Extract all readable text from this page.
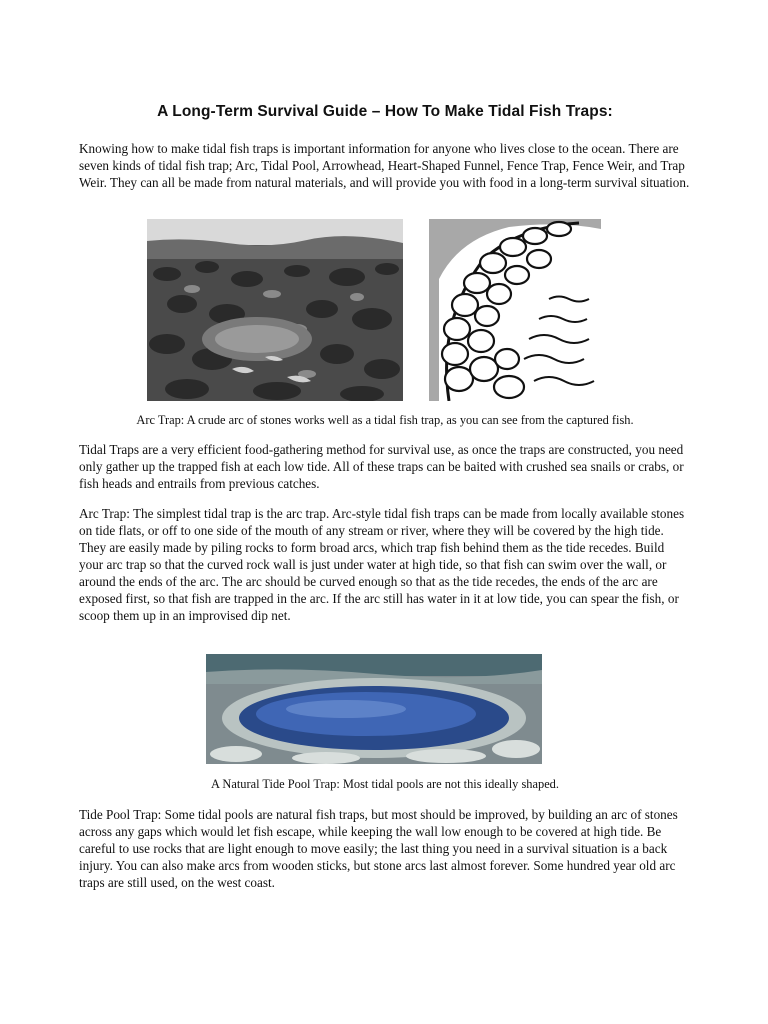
A Long-Term Survival Guide – How To Make Tidal Fish Traps:

Knowing how to make tidal fish traps is important information for anyone who lives close to the ocean. There are seven kinds of tidal fish trap; Arc, Tidal Pool, Arrowhead, Heart-Shaped Funnel, Fence Trap, Fence Weir, and Trap Weir. They can all be made from natural materials, and will provide you with food in a long-term survival situation.

Arc Trap: A crude arc of stones works well as a tidal fish trap, as you can see from the captured fish.

Tidal Traps are a very efficient food-gathering method for survival use, as once the traps are constructed, you need only gather up the trapped fish at each low tide. All of these traps can be baited with crushed sea snails or crabs, or fish heads and entrails from previous catches.

Arc Trap: The simplest tidal trap is the arc trap. Arc-style tidal fish traps can be made from locally available stones on tide flats, or off to one side of the mouth of any stream or river, where they will be covered by the high tide. They are easily made by piling rocks to form broad arcs, which trap fish behind them as the tide recedes. Build your arc trap so that the curved rock wall is just under water at high tide, so that fish can swim over the wall, or around the ends of the arc. The arc should be curved enough so that as the tide recedes, the ends of the arc are exposed first, so that fish are trapped in the arc. If the arc still has water in it at low tide, you can spear the fish, or scoop them up in an improvised dip net.

A Natural Tide Pool Trap: Most tidal pools are not this ideally shaped.

Tide Pool Trap: Some tidal pools are natural fish traps, but most should be improved, by building an arc of stones across any gaps which would let fish escape, while keeping the wall low enough to be covered at high tide. Be careful to use rocks that are light enough to move easily; the last thing you need in a survival situation is a back injury. You can also make arcs from wooden sticks, but stone arcs last almost forever. Some hundred year old arc traps are still used, on the west coast.
